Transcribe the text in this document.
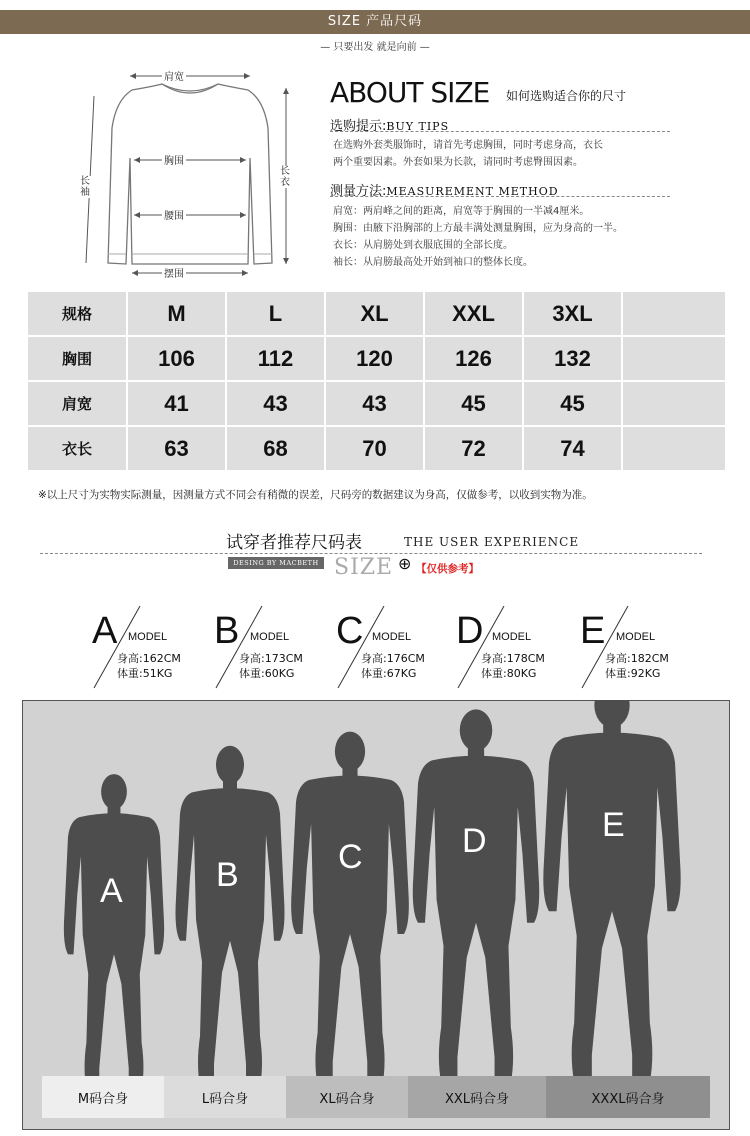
SIZE 产品尺码
— 只要出发 就是向前 —
肩宽
胸围
腰围
摆围
长袖
长衣
ABOUT SIZE 如何选购适合你的尺寸
选购提示:BUY TIPS
在选购外套类服饰时，请首先考虑胸围，同时考虑身高，衣长
两个重要因素。外套如果为长款，请同时考虑臀围因素。
测量方法:MEASUREMENT METHOD
肩宽：两肩峰之间的距离，肩宽等于胸围的一半减4厘米。
胸围：由腋下沿胸部的上方最丰满处测量胸围，应为身高的一半。
衣长：从肩膀处到衣服底围的全部长度。
袖长：从肩膀最高处开始到袖口的整体长度。
规格	M	L	XL	XXL	3XL
胸围	106	112	120	126	132
肩宽	41	43	43	45	45
衣长	63	68	70	72	74
※以上尺寸为实物实际测量，因测量方式不同会有稍微的误差，尺码旁的数据建议为身高，仅做参考，以收到实物为准。
试穿者推荐尺码表	THE USER EXPERIENCE
DESING BY MACBETH SIZE ⊕ 【仅供参考】
A MODEL
身高:162CM
体重:51KG
B MODEL
身高:173CM
体重:60KG
C MODEL
身高:176CM
体重:67KG
D MODEL
身高:178CM
体重:80KG
E MODEL
身高:182CM
体重:92KG
A	B	C	D	E
M码合身	L码合身	XL码合身	XXL码合身	XXXL码合身
